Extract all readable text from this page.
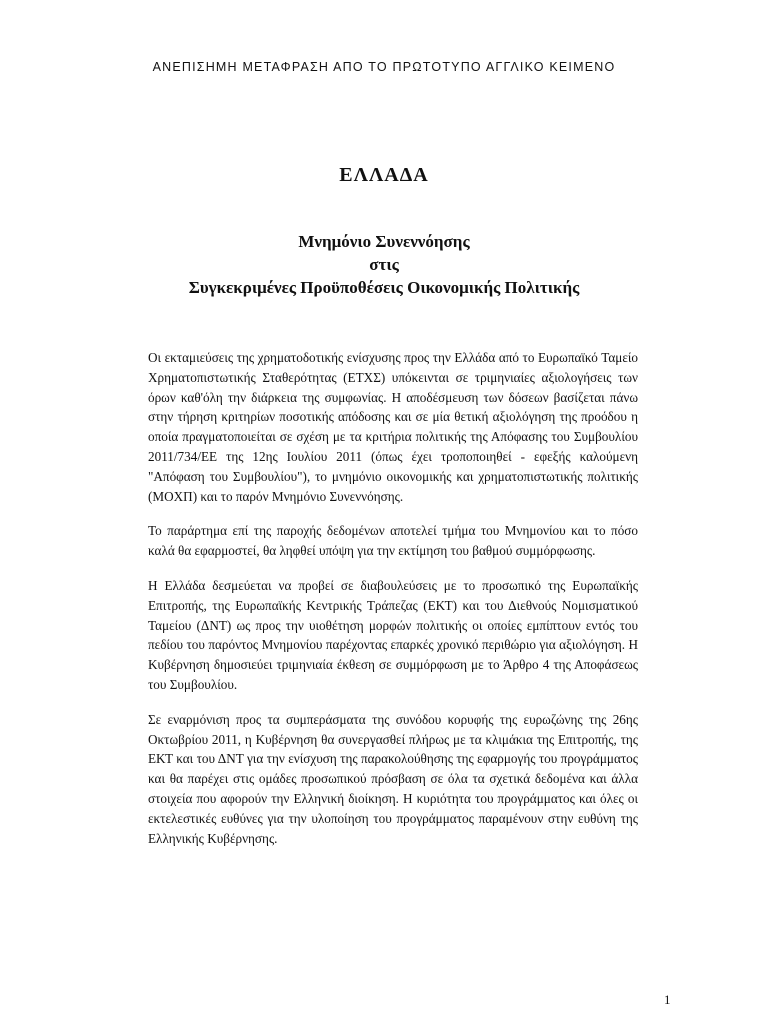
ΑΝΕΠΙΣΗΜΗ ΜΕΤΑΦΡΑΣΗ ΑΠΟ ΤΟ ΠΡΩΤΟΤΥΠΟ ΑΓΓΛΙΚΟ ΚΕΙΜΕΝΟ
ΕΛΛΑΔΑ
Μνημόνιο Συνεννόησης
στις
Συγκεκριμένες Προϋποθέσεις Οικονομικής Πολιτικής

Οι εκταμιεύσεις της χρηματοδοτικής ενίσχυσης προς την Ελλάδα από το Ευρωπαϊκό Ταμείο Χρηματοπιστωτικής Σταθερότητας (ΕΤΧΣ) υπόκεινται σε τριμηνιαίες αξιολογήσεις των όρων καθ'όλη την διάρκεια της συμφωνίας. Η αποδέσμευση των δόσεων βασίζεται πάνω στην τήρηση κριτηρίων ποσοτικής απόδοσης και σε μία θετική αξιολόγηση της προόδου η οποία πραγματοποιείται σε σχέση με τα κριτήρια πολιτικής της Απόφασης του Συμβουλίου 2011/734/ΕΕ της 12ης Ιουλίου 2011 (όπως έχει τροποποιηθεί - εφεξής καλούμενη "Απόφαση του Συμβουλίου"), το μνημόνιο οικονομικής και χρηματοπιστωτικής πολιτικής (ΜΟΧΠ) και το παρόν Μνημόνιο Συνεννόησης.

Το παράρτημα επί της παροχής δεδομένων αποτελεί τμήμα του Μνημονίου και το πόσο καλά θα εφαρμοστεί, θα ληφθεί υπόψη για την εκτίμηση του βαθμού συμμόρφωσης.

Η Ελλάδα δεσμεύεται να προβεί σε διαβουλεύσεις με το προσωπικό της Ευρωπαϊκής Επιτροπής, της Ευρωπαϊκής Κεντρικής Τράπεζας (ΕΚΤ) και του Διεθνούς Νομισματικού Ταμείου (ΔΝΤ) ως προς την υιοθέτηση μορφών πολιτικής οι οποίες εμπίπτουν εντός του πεδίου του παρόντος Μνημονίου παρέχοντας επαρκές χρονικό περιθώριο για αξιολόγηση. Η Κυβέρνηση δημοσιεύει τριμηνιαία έκθεση σε συμμόρφωση με το Άρθρο 4 της Αποφάσεως του Συμβουλίου.

Σε εναρμόνιση προς τα συμπεράσματα της συνόδου κορυφής της ευρωζώνης της 26ης Οκτωβρίου 2011, η Κυβέρνηση θα συνεργασθεί πλήρως με τα κλιμάκια της Επιτροπής, της ΕΚΤ και του ΔΝΤ για την ενίσχυση της παρακολούθησης της εφαρμογής του προγράμματος και θα παρέχει στις ομάδες προσωπικού πρόσβαση σε όλα τα σχετικά δεδομένα και άλλα στοιχεία που αφορούν την Ελληνική διοίκηση. Η κυριότητα του προγράμματος και όλες οι εκτελεστικές ευθύνες για την υλοποίηση του προγράμματος παραμένουν στην ευθύνη της Ελληνικής Κυβέρνησης.

1
